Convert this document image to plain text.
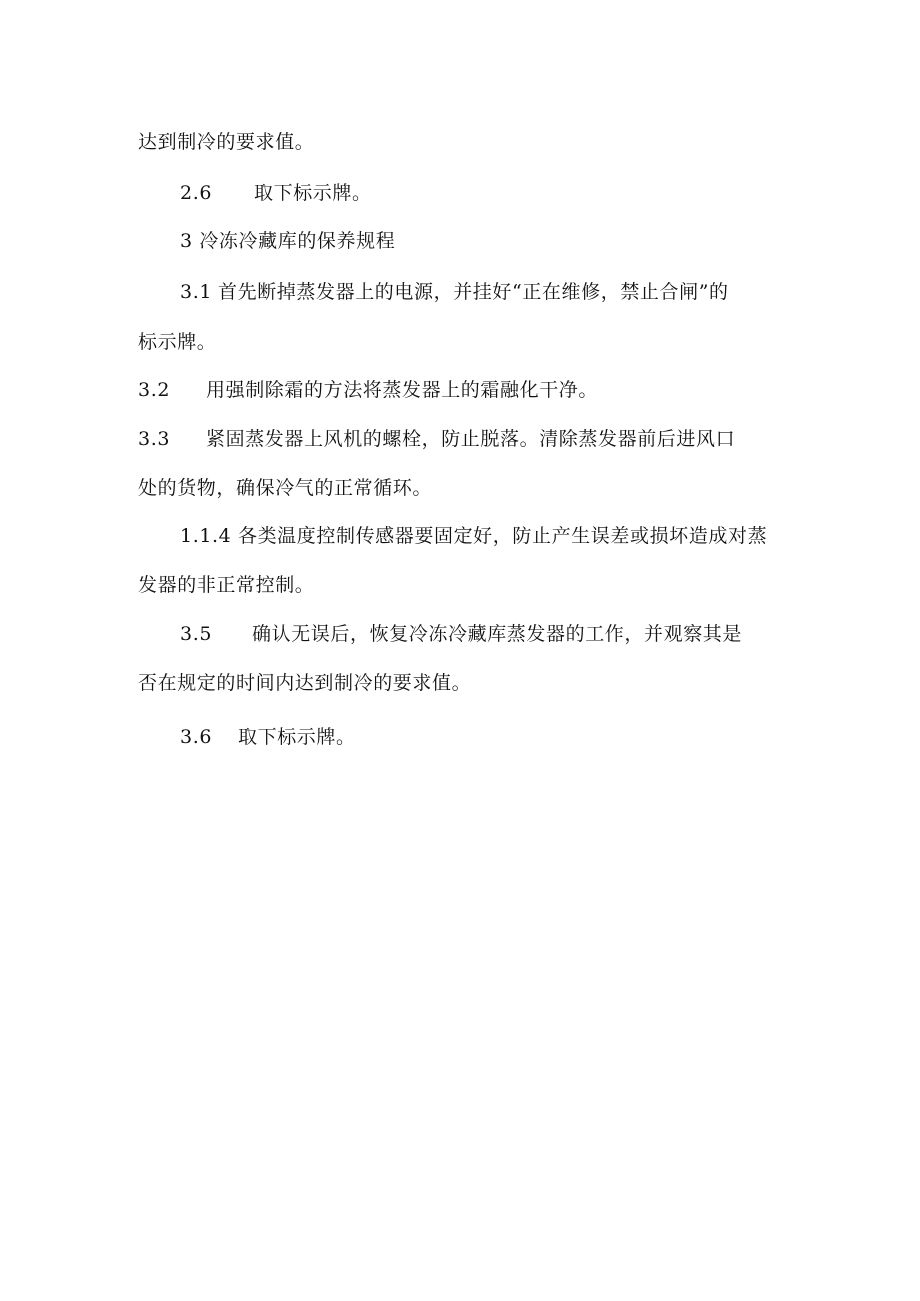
达到制冷的要求值。
2.6 取下标示牌。
3 冷冻冷藏库的保养规程
3.1 首先断掉蒸发器上的电源，并挂好“正在维修，禁止合闸”的
标示牌。
3.2 用强制除霜的方法将蒸发器上的霜融化干净。
3.3 紧固蒸发器上风机的螺栓，防止脱落。清除蒸发器前后进风口
处的货物，确保冷气的正常循环。
1.1.4 各类温度控制传感器要固定好，防止产生误差或损坏造成对蒸
发器的非正常控制。
3.5 确认无误后，恢复冷冻冷藏库蒸发器的工作，并观察其是
否在规定的时间内达到制冷的要求值。
3.6 取下标示牌。
